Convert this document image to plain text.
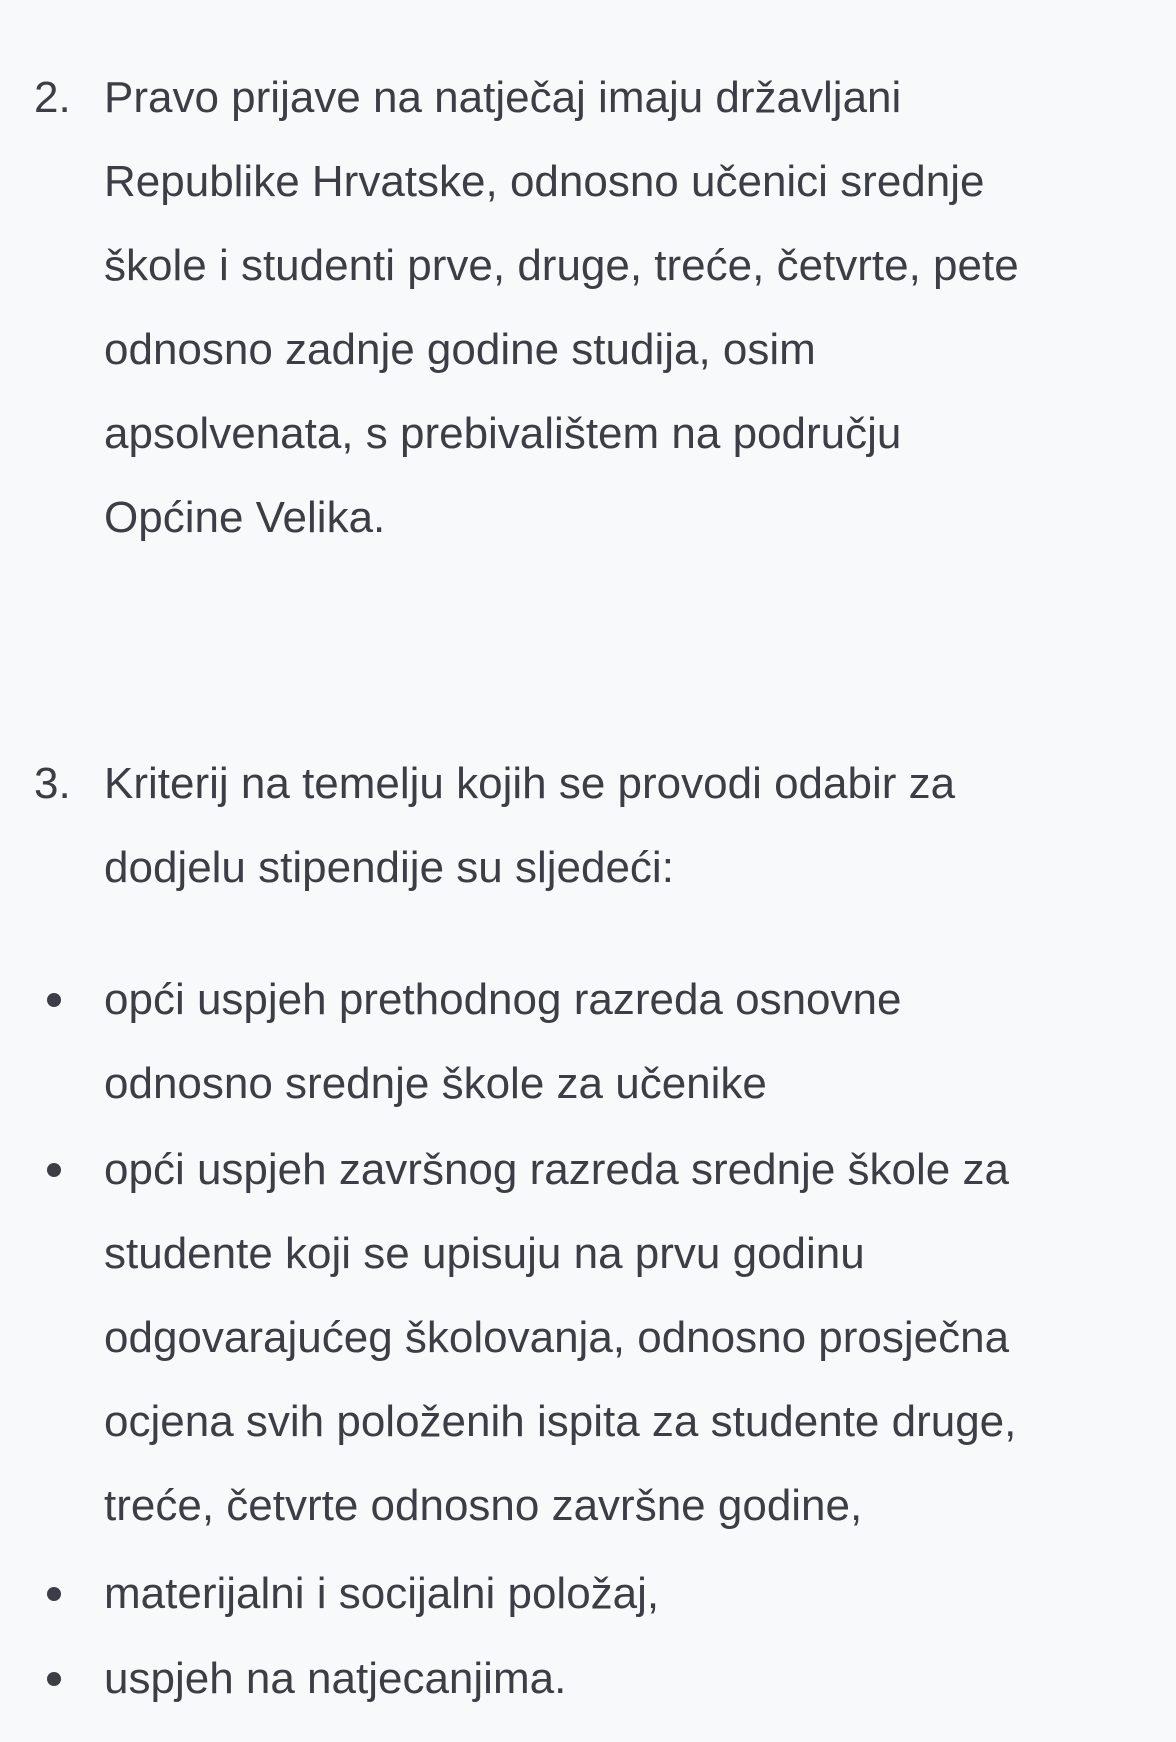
2. Pravo prijave na natječaj imaju državljani
Republike Hrvatske, odnosno učenici srednje
škole i studenti prve, druge, treće, četvrte, pete
odnosno zadnje godine studija, osim
apsolvenata, s prebivalištem na području
Općine Velika.
3. Kriterij na temelju kojih se provodi odabir za
dodjelu stipendije su sljedeći:
opći uspjeh prethodnog razreda osnovne
odnosno srednje škole za učenike
opći uspjeh završnog razreda srednje škole za
studente koji se upisuju na prvu godinu
odgovarajućeg školovanja, odnosno prosječna
ocjena svih položenih ispita za studente druge,
treće, četvrte odnosno završne godine,
materijalni i socijalni položaj,
uspjeh na natjecanjima.
